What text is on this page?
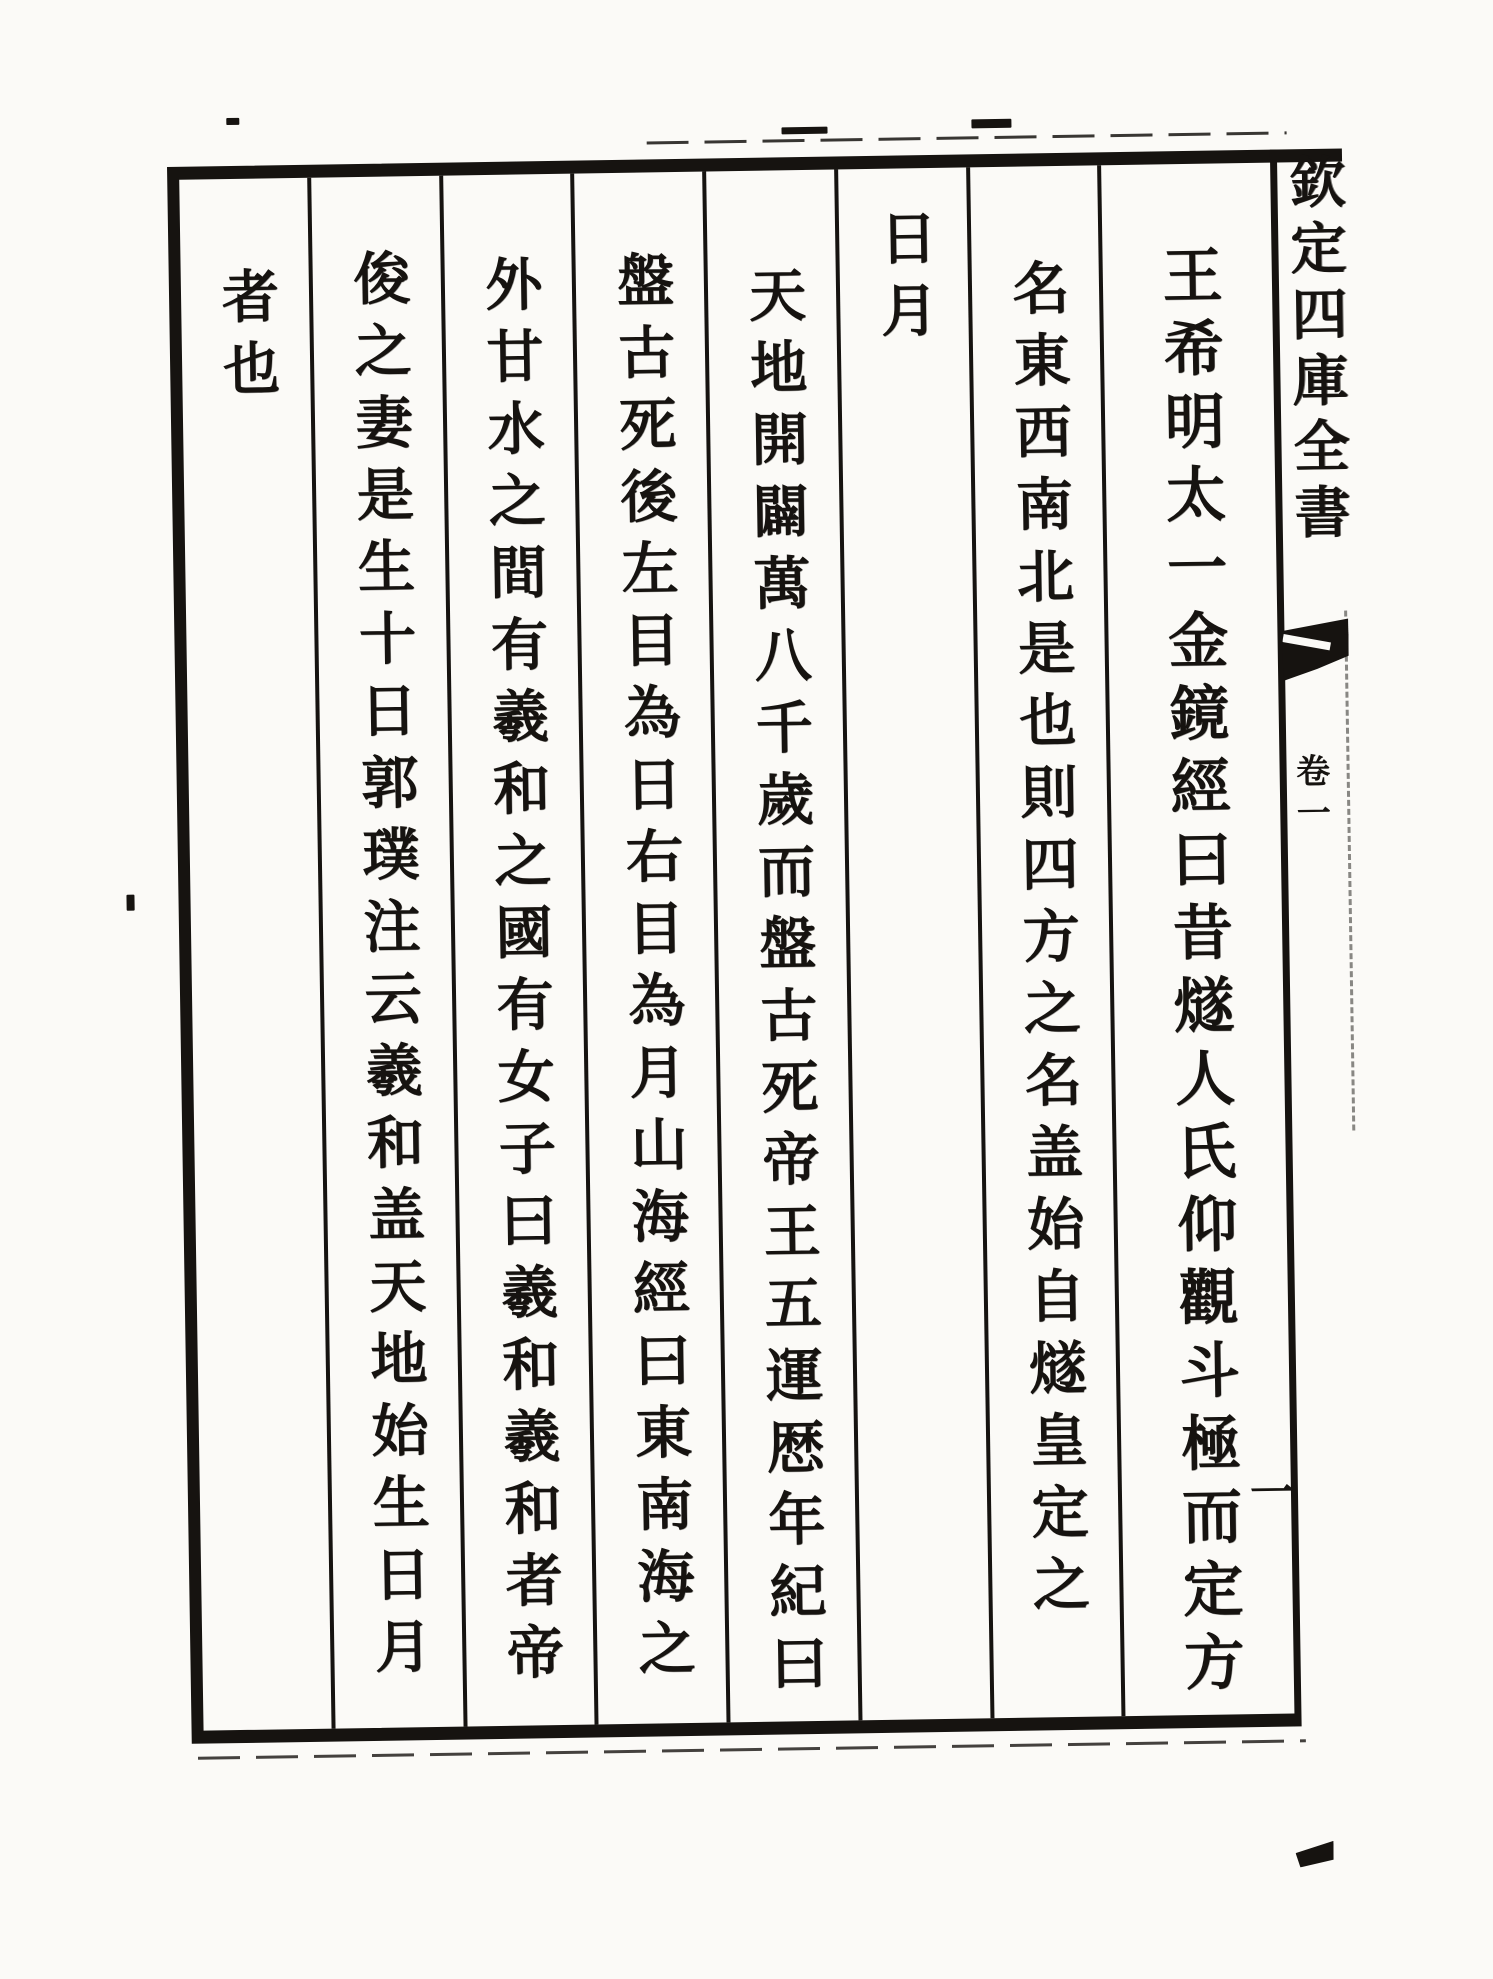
王希明太一金鏡經曰昔燧人氏仰觀斗極而定方
名東西南北是也則四方之名盖始自燧皇定之
日月
天地開闢萬八千歲而盤古死帝王五運厯年紀曰
盤古死後左目為日右目為月山海經曰東南海之
外甘水之間有羲和之國有女子曰羲和羲和者帝
俊之妻是生十日郭璞注云羲和盖天地始生日月
者也	欽定四庫全書
卷一
一
